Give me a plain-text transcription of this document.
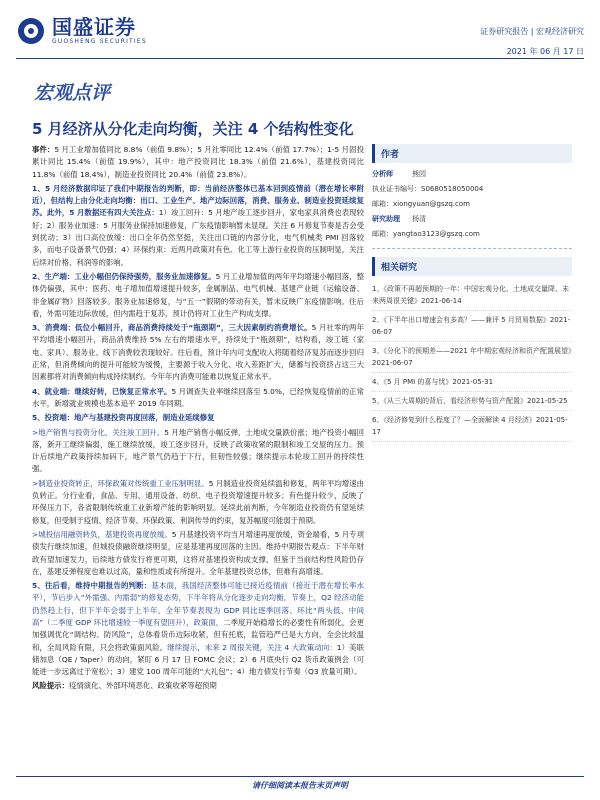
国盛证券
GUOSHENG SECURITIES
证券研究报告 | 宏观经济研究
2021 年 06 月 17 日
宏观点评
5 月经济从分化走向均衡，关注 4 个结构性变化

事件：5 月工业增加值同比 8.8%（前值 9.8%）；5 月社零同比 12.4%（前值 17.7%）；1-5 月固投累计同比 15.4%（前值 19.9%），其中：地产投资同比 18.3%（前值 21.6%），基建投资同比 11.8%（前值 18.4%），制造业投资同比 20.4%（前值 23.8%）。

1、5 月经济数据印证了我们中期报告的判断，即：当前经济整体已基本回到疫情前（潜在增长率附近），但结构上由分化走向均衡：出口、工业生产、地产边际回落，消费、服务业、制造业投资延续复苏。此外，5 月数据还有四大关注点：1）竣工回升：5 月地产竣工逐步回升，家电家具消费也表现较好；2）服务业加速：5 月服务业保持加速修复，广东疫情影响暂未显现。关注 6 月修复节奏是否会受到扰动；3）出口高位放缓：出口全年仍然坚挺，关注出口链的内部分化，电气机械类 PMI 回落较多，而电子设备景气仍强；4）环保约束：近两月政策对有色、化工等上游行业投资的压制明显，关注后续对价格、利润等的影响。

2、生产端：工业小幅但仍保持强势，服务业加速修复。5 月工业增加值的两年平均增速小幅回落，整体仍偏强，其中：医药、电子增加值增速提升较多，金属制品、电气机械、基建产业链（运输设备、非金属矿物）回落较多。服务业加速修复，与“五一”假期的带动有关，暂未反映广东疫情影响。往后看，外需可能边际放缓，但内需趋于复苏，预计仍将对工业生产构成支撑。

3、消费端：低位小幅回升，商品消费持续处于“瓶颈期”，三大因素制约消费增长。5 月社零的两年平均增速小幅回升，商品消费维持 5% 左右的增速水平，持续处于“瓶颈期”，结构看，竣工链（家电、家具）、服务业、线下消费较表现较好。往后看，预计年内可支配收入将随着经济复苏而逐步回归正常，但消费倾向的提升可能较为缓慢，主要源于收入分化、收入差距扩大，储蓄与投资挤占这三大因素都将对消费倾向构成持续制约。今年年内消费可能难以恢复正常水平。

4、就业端：继续好转，已恢复正常水平。5 月调查失业率继续回落至 5.0%，已经恢复疫情前的正常水平，新增就业规模也基本追平 2019 年同期。

5、投资端：地产与基建投资再度回落，制造业延续修复

>地产销售与投资分化，关注竣工回升。5 月地产销售小幅反弹，土地成交量跌价涨；地产投资小幅回落，新开工继续偏弱，施工继续放缓，竣工逐步回升，反映了政策收紧的限制和竣工交屋的压力。预计后续地产政策持续加码下，地产景气仍趋于下行，但韧性较强；继续提示本轮竣工回升的持续性强。

>制造业投资转正，环保政策对传统重工业压制明显。5 月制造业投资延续温和修复，两年平均增速由负转正。分行业看，食品、专用、通用设备、纺织、电子投资增速提升较多；有色提升较少，反映了环保压力下，各省限制传统重工业新增产能的影响明显。延续此前判断，今年制造业投资仍有望延续修复，但受制于疫情、经济节奏、环保政策、利润传导的约束，复苏幅度可能弱于预期。

>城投信用融资转负，基建投资再度放缓。5 月基建投资平均当月增速再度放缓，资金端看，5 月专项债发行继续加速，但城投债融资继续明显，应是基建再度回落的主因。维持中期报告观点：下半年财政有望加速发力，后续地方债发行将更可期，这将对基建投资构成支撑，但鉴于当前结构性风险仍存在，基建反弹程度也难以过高，量和性质或有所提升。全年基建投资总体，但难有高增速。

5、往后看，维持中期报告的判断：基本面，我国经济整体可能已接近疫情前（接近于潜在增长率水平），节后步入“外需强、内需弱”的修复态势，下半年将从分化逐步走向均衡，节奏上，Q2 经济动能仍然趋上行，但下半年会弱于上半年，全年节奏表现为 GDP 同比逐季回落、环比“两头低、中间高”（二季度 GDP 环比增速较一季度有望回升），政策面，二季度开始稳增长的必要性有所弱化，会更加强调优化“调结构、防风险”，总体看货币边际收紧，但有托底，监管趋严已是大方向，全会比较温和，全局风险有限，只会将政策面风险。继续提示，未来 2 周很关键，关注 4 大政策动向：1）美联储加息（QE / Taper）的动向，紧盯 6 月 17 日 FOMC 会议；2）6 月底央行 Q2 货币政策例会（可能进一步远离过于宽松）；3）建党 100 周年可能的“大礼包”；4）地方债发行节奏（Q3 放量可期）。

风险提示：疫情演化、外部环境恶化、政策收紧等超预期

作者
分析师	熊园
执业证书编号： S0680518050004
邮箱： xiongyuan@gszq.com
研究助理	杨清
邮箱： yangtao3123@gszq.com
相关研究
1、《政策不再超预期的一年：中国宏观分化、土地成交量降、未来两周很关键》2021-06-14
2、《下半年出口增速会有多高？——兼评 5 月贸易数据》2021-06-07
3、《分化下的预期差——2021 年中期宏观经济和资产配置展望》2021-06-07
4、《5 月 PMI 的喜与忧》2021-05-31
5、《从三大周期的背后，看经济形势与资产配置》2021-05-25
6、《经济修复到什么程度了？—全面解读 4 月经济》2021-05-17
请仔细阅读本报告末页声明
